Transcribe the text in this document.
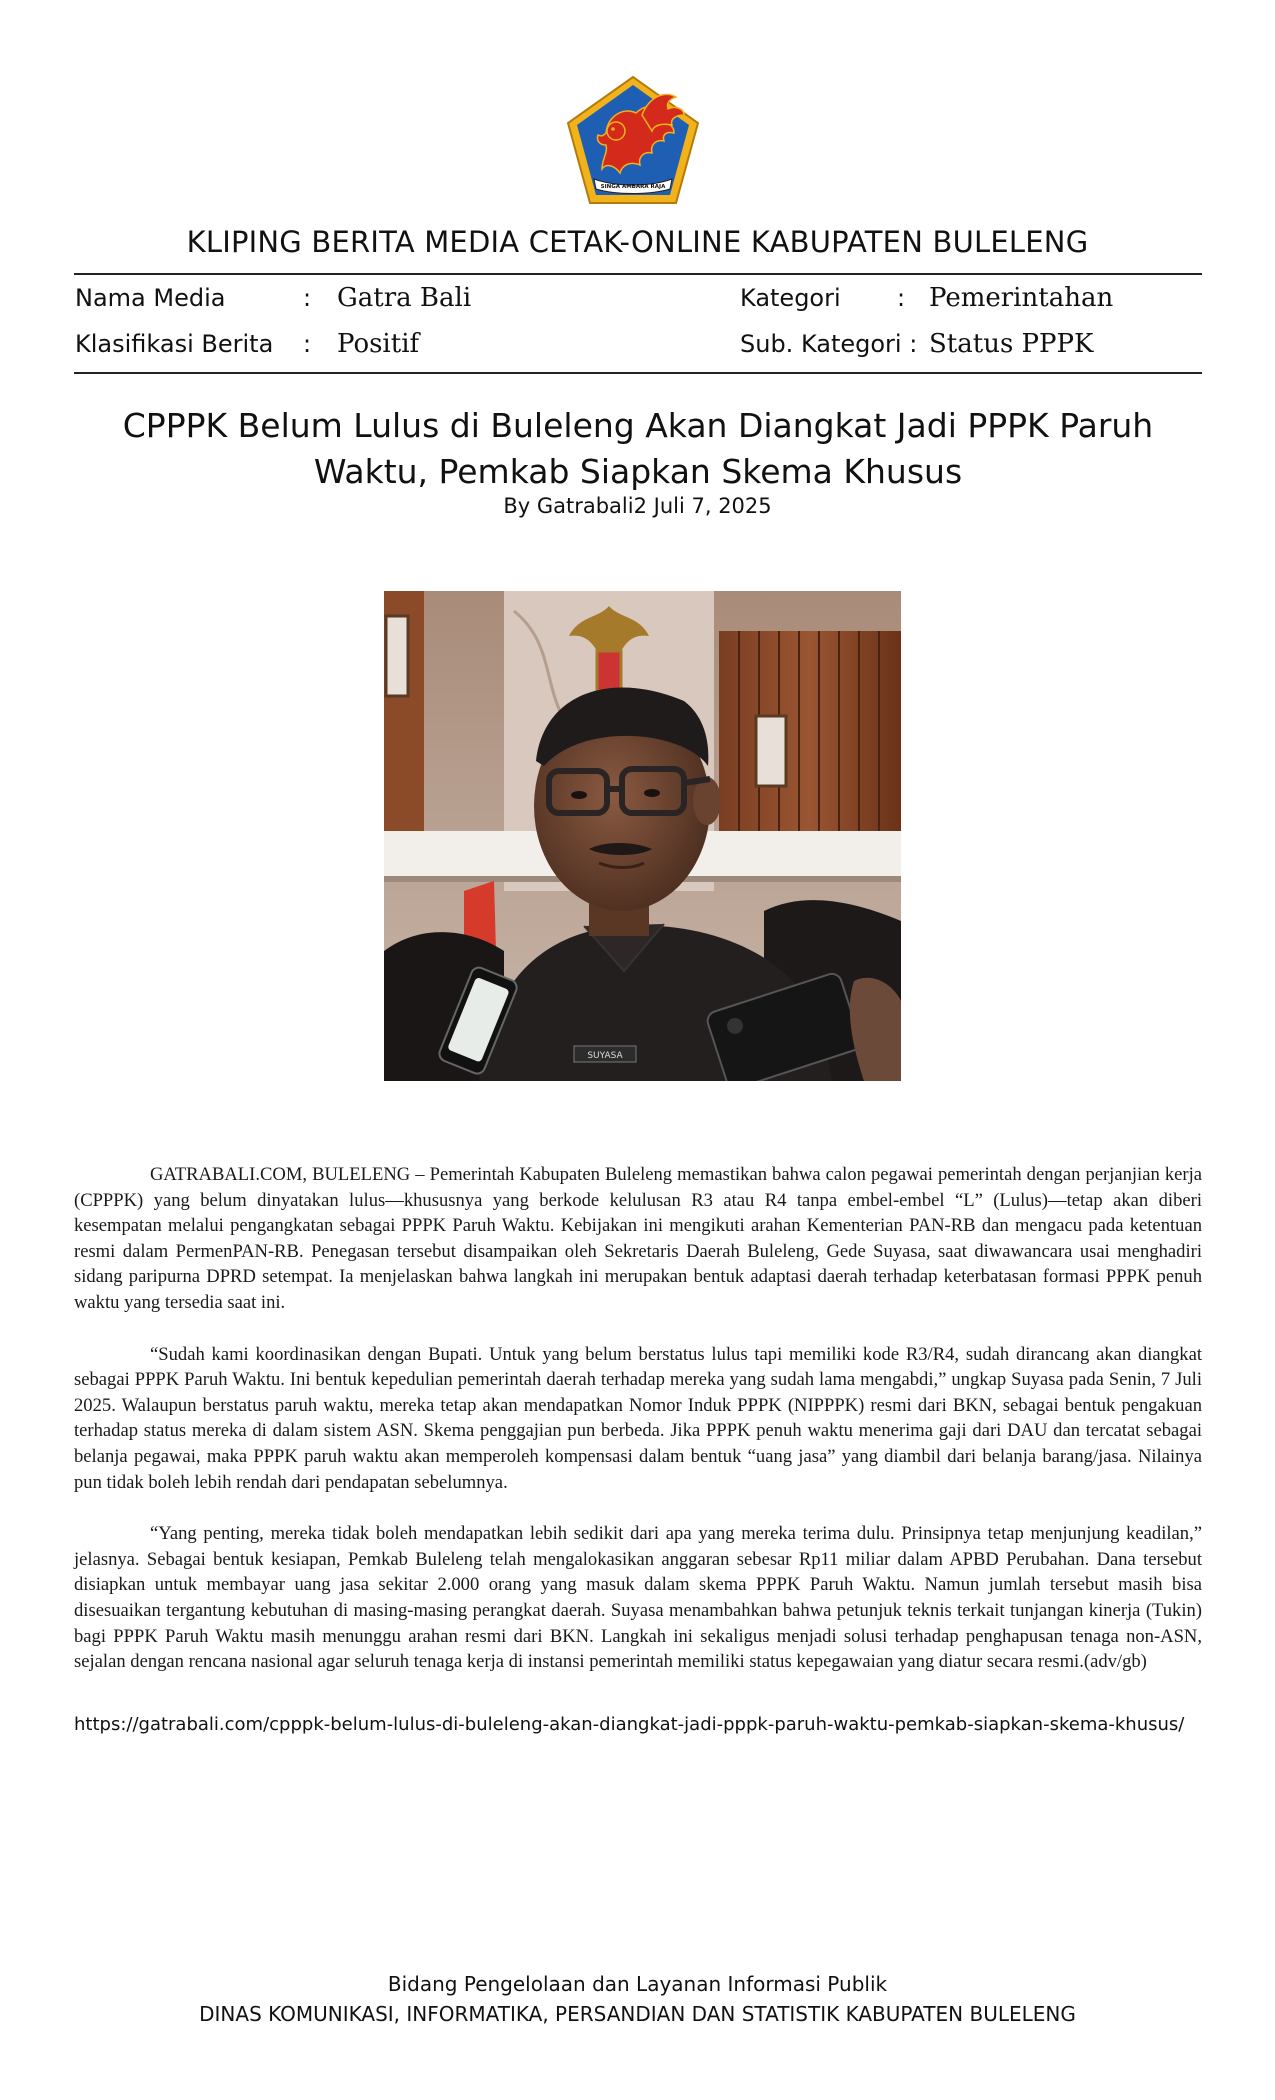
SINGA AMBARA RAJA
KLIPING BERITA MEDIA CETAK-ONLINE KABUPATEN BULELENG
Nama Media	: Gatra Bali
Klasifikasi Berita : Positif
Kategori : Pemerintahan
Sub. Kategori : Status PPPK
CPPPK Belum Lulus di Buleleng Akan Diangkat Jadi PPPK Paruh Waktu, Pemkab Siapkan Skema Khusus
By Gatrabali2 Juli 7, 2025
SUYASA

GATRABALI.COM, BULELENG – Pemerintah Kabupaten Buleleng memastikan bahwa calon pegawai pemerintah dengan perjanjian kerja (CPPPK) yang belum dinyatakan lulus—khususnya yang berkode kelulusan R3 atau R4 tanpa embel-embel “L” (Lulus)—tetap akan diberi kesempatan melalui pengangkatan sebagai PPPK Paruh Waktu. Kebijakan ini mengikuti arahan Kementerian PAN-RB dan mengacu pada ketentuan resmi dalam PermenPAN-RB. Penegasan tersebut disampaikan oleh Sekretaris Daerah Buleleng, Gede Suyasa, saat diwawancara usai menghadiri sidang paripurna DPRD setempat. Ia menjelaskan bahwa langkah ini merupakan bentuk adaptasi daerah terhadap keterbatasan formasi PPPK penuh waktu yang tersedia saat ini.

“Sudah kami koordinasikan dengan Bupati. Untuk yang belum berstatus lulus tapi memiliki kode R3/R4, sudah dirancang akan diangkat sebagai PPPK Paruh Waktu. Ini bentuk kepedulian pemerintah daerah terhadap mereka yang sudah lama mengabdi,” ungkap Suyasa pada Senin, 7 Juli 2025. Walaupun berstatus paruh waktu, mereka tetap akan mendapatkan Nomor Induk PPPK (NIPPPK) resmi dari BKN, sebagai bentuk pengakuan terhadap status mereka di dalam sistem ASN. Skema penggajian pun berbeda. Jika PPPK penuh waktu menerima gaji dari DAU dan tercatat sebagai belanja pegawai, maka PPPK paruh waktu akan memperoleh kompensasi dalam bentuk “uang jasa” yang diambil dari belanja barang/jasa. Nilainya pun tidak boleh lebih rendah dari pendapatan sebelumnya.

“Yang penting, mereka tidak boleh mendapatkan lebih sedikit dari apa yang mereka terima dulu. Prinsipnya tetap menjunjung keadilan,” jelasnya. Sebagai bentuk kesiapan, Pemkab Buleleng telah mengalokasikan anggaran sebesar Rp11 miliar dalam APBD Perubahan. Dana tersebut disiapkan untuk membayar uang jasa sekitar 2.000 orang yang masuk dalam skema PPPK Paruh Waktu. Namun jumlah tersebut masih bisa disesuaikan tergantung kebutuhan di masing-masing perangkat daerah. Suyasa menambahkan bahwa petunjuk teknis terkait tunjangan kinerja (Tukin) bagi PPPK Paruh Waktu masih menunggu arahan resmi dari BKN. Langkah ini sekaligus menjadi solusi terhadap penghapusan tenaga non-ASN, sejalan dengan rencana nasional agar seluruh tenaga kerja di instansi pemerintah memiliki status kepegawaian yang diatur secara resmi.(adv/gb)

https://gatrabali.com/cpppk-belum-lulus-di-buleleng-akan-diangkat-jadi-pppk-paruh-waktu-pemkab-siapkan-skema-khusus/
Bidang Pengelolaan dan Layanan Informasi Publik
DINAS KOMUNIKASI, INFORMATIKA, PERSANDIAN DAN STATISTIK KABUPATEN BULELENG
